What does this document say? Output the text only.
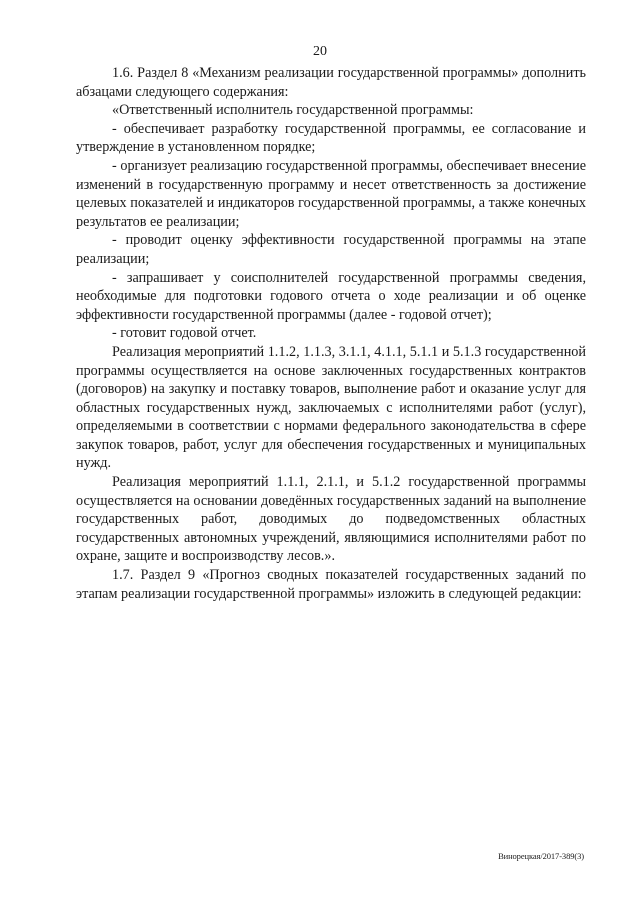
20

1.6. Раздел 8 «Механизм реализации государственной программы» дополнить абзацами следующего содержания:

«Ответственный исполнитель государственной программы:

- обеспечивает разработку государственной программы, ее согласование и утверждение в установленном порядке;

- организует реализацию государственной программы, обеспечивает внесение изменений в государственную программу и несет ответственность за достижение целевых показателей и индикаторов государственной программы, а также конечных результатов ее реализации;

- проводит оценку эффективности государственной программы на этапе реализации;

- запрашивает у соисполнителей государственной программы сведения, необходимые для подготовки годового отчета о ходе реализации и об оценке эффективности государственной программы (далее - годовой отчет);

- готовит годовой отчет.

Реализация мероприятий 1.1.2, 1.1.3, 3.1.1, 4.1.1, 5.1.1 и 5.1.3 государственной программы осуществляется на основе заключенных государственных контрактов (договоров) на закупку и поставку товаров, выполнение работ и оказание услуг для областных государственных нужд, заключаемых с исполнителями работ (услуг), определяемыми в соответствии с нормами федерального законодательства в сфере закупок товаров, работ, услуг для обеспечения государственных и муниципальных нужд.

Реализация мероприятий 1.1.1, 2.1.1, и 5.1.2 государственной программы осуществляется на основании доведённых государственных заданий на выполнение государственных работ, доводимых до подведомственных областных государственных автономных учреждений, являющимися исполнителями работ по охране, защите и воспроизводству лесов.».

1.7. Раздел 9 «Прогноз сводных показателей государственных заданий по этапам реализации государственной программы» изложить в следующей редакции:

Винорецкая/2017-389(3)
